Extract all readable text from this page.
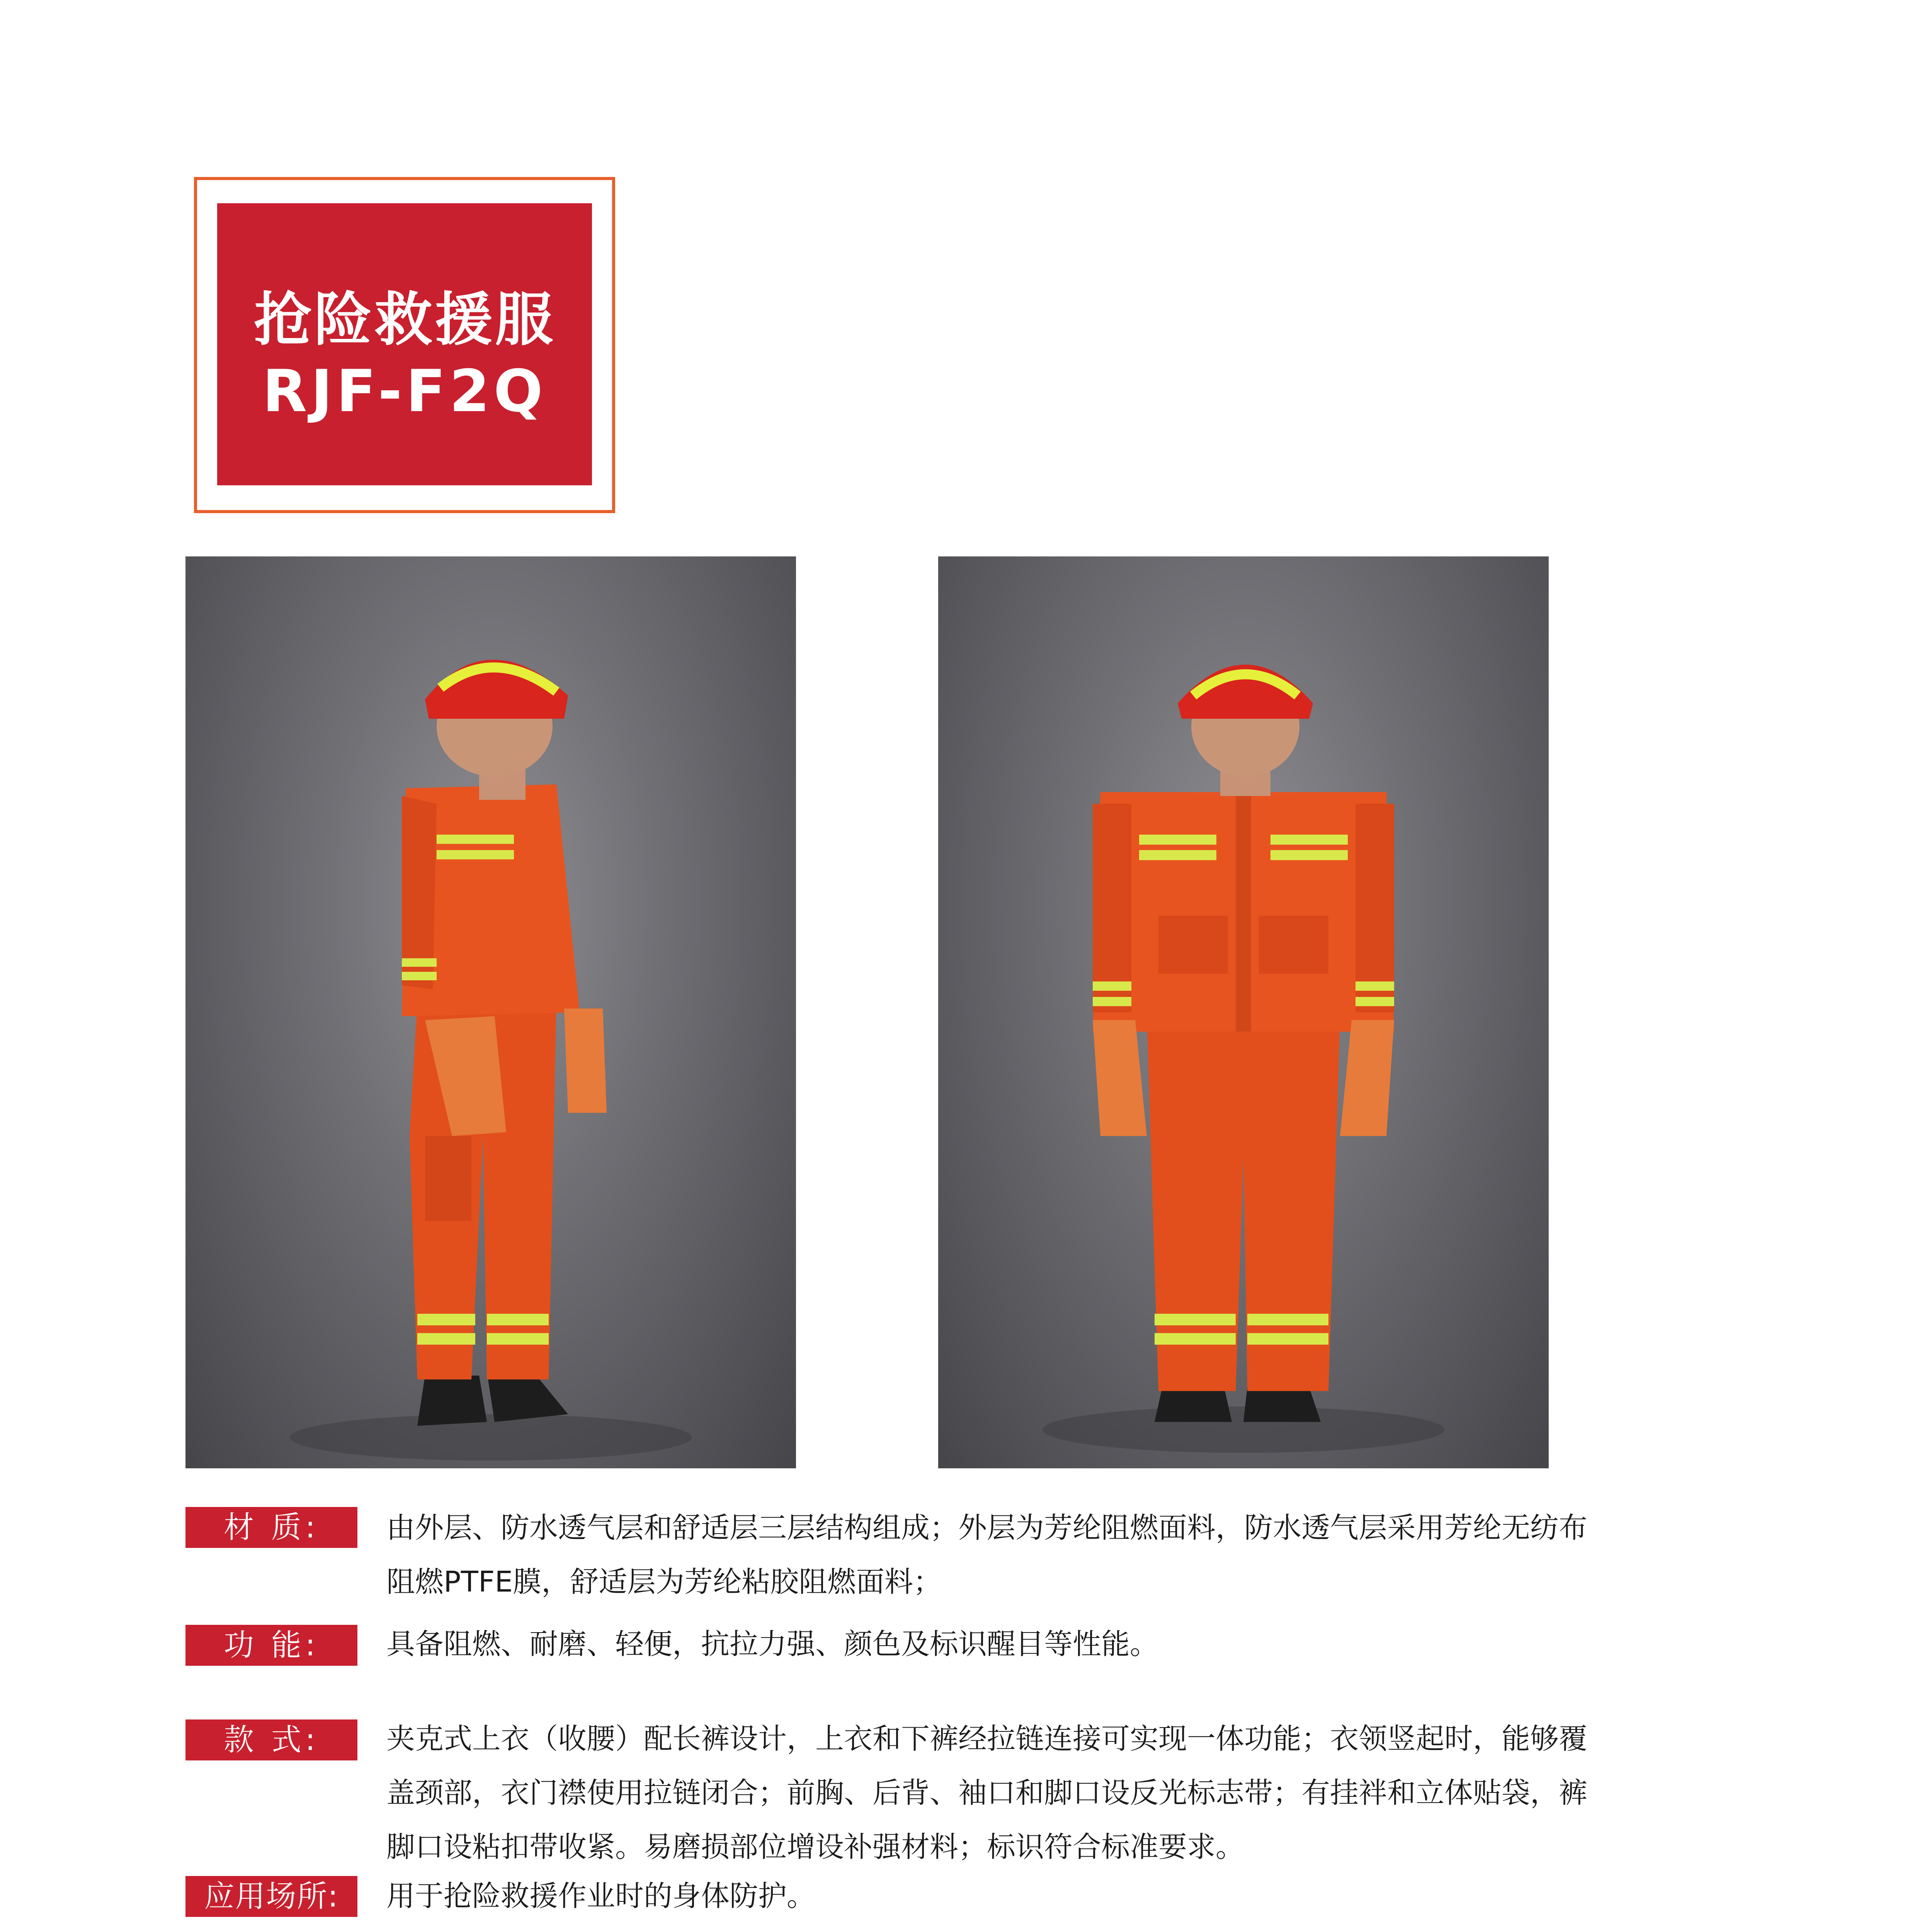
抢险救援服
RJF-F2Q
材 质:	由外层、防水透气层和舒适层三层结构组成；外层为芳纶阻燃面料，防水透气层采用芳纶无纺布
阻燃PTFE膜，舒适层为芳纶粘胶阻燃面料；
功 能:	具备阻燃、耐磨、轻便，抗拉力强、颜色及标识醒目等性能。
款 式:	夹克式上衣（收腰）配长裤设计，上衣和下裤经拉链连接可实现一体功能；衣领竖起时，能够覆
盖颈部，衣门襟使用拉链闭合；前胸、后背、袖口和脚口设反光标志带；有挂袢和立体贴袋，裤
脚口设粘扣带收紧。易磨损部位增设补强材料；标识符合标准要求。
应用场所:	用于抢险救援作业时的身体防护。
